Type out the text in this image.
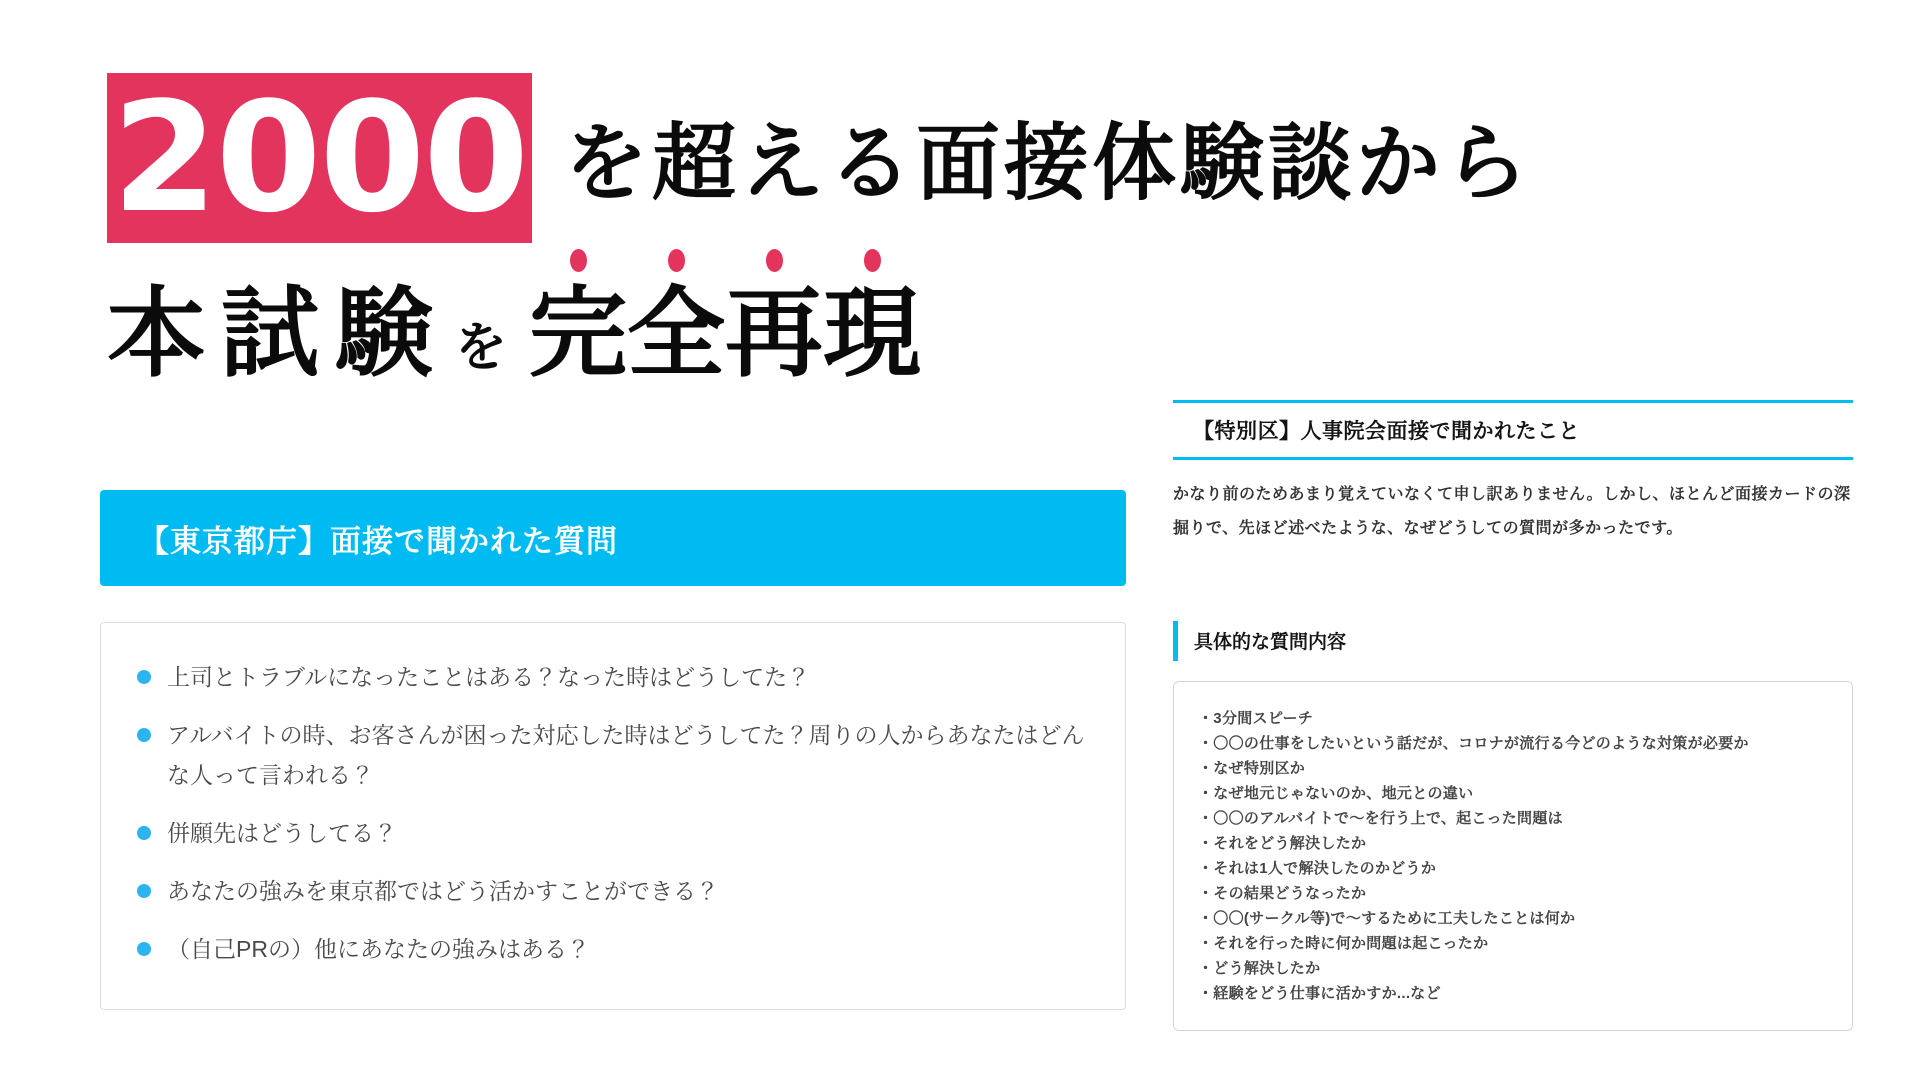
2000 を超える面接体験談から
本試験 を 完 全 再 現
【東京都庁】面接で聞かれた質問
上司とトラブルになったことはある？なった時はどうしてた？
アルバイトの時、お客さんが困った対応した時はどうしてた？周りの人からあなたはどんな人って言われる？
併願先はどうしてる？
あなたの強みを東京都ではどう活かすことができる？
（自己PRの）他にあなたの強みはある？
【特別区】人事院会面接で聞かれたこと

かなり前のためあまり覚えていなくて申し訳ありません。しかし、ほとんど面接カードの深掘りで、先ほど述べたような、なぜどうしての質問が多かったです。

具体的な質問内容
・3分間スピーチ
・〇〇の仕事をしたいという話だが、コロナが流行る今どのような対策が必要か
・なぜ特別区か
・なぜ地元じゃないのか、地元との違い
・〇〇のアルバイトで～を行う上で、起こった問題は
・それをどう解決したか
・それは1人で解決したのかどうか
・その結果どうなったか
・〇〇(サークル等)で～するために工夫したことは何か
・それを行った時に何か問題は起こったか
・どう解決したか
・経験をどう仕事に活かすか...など
